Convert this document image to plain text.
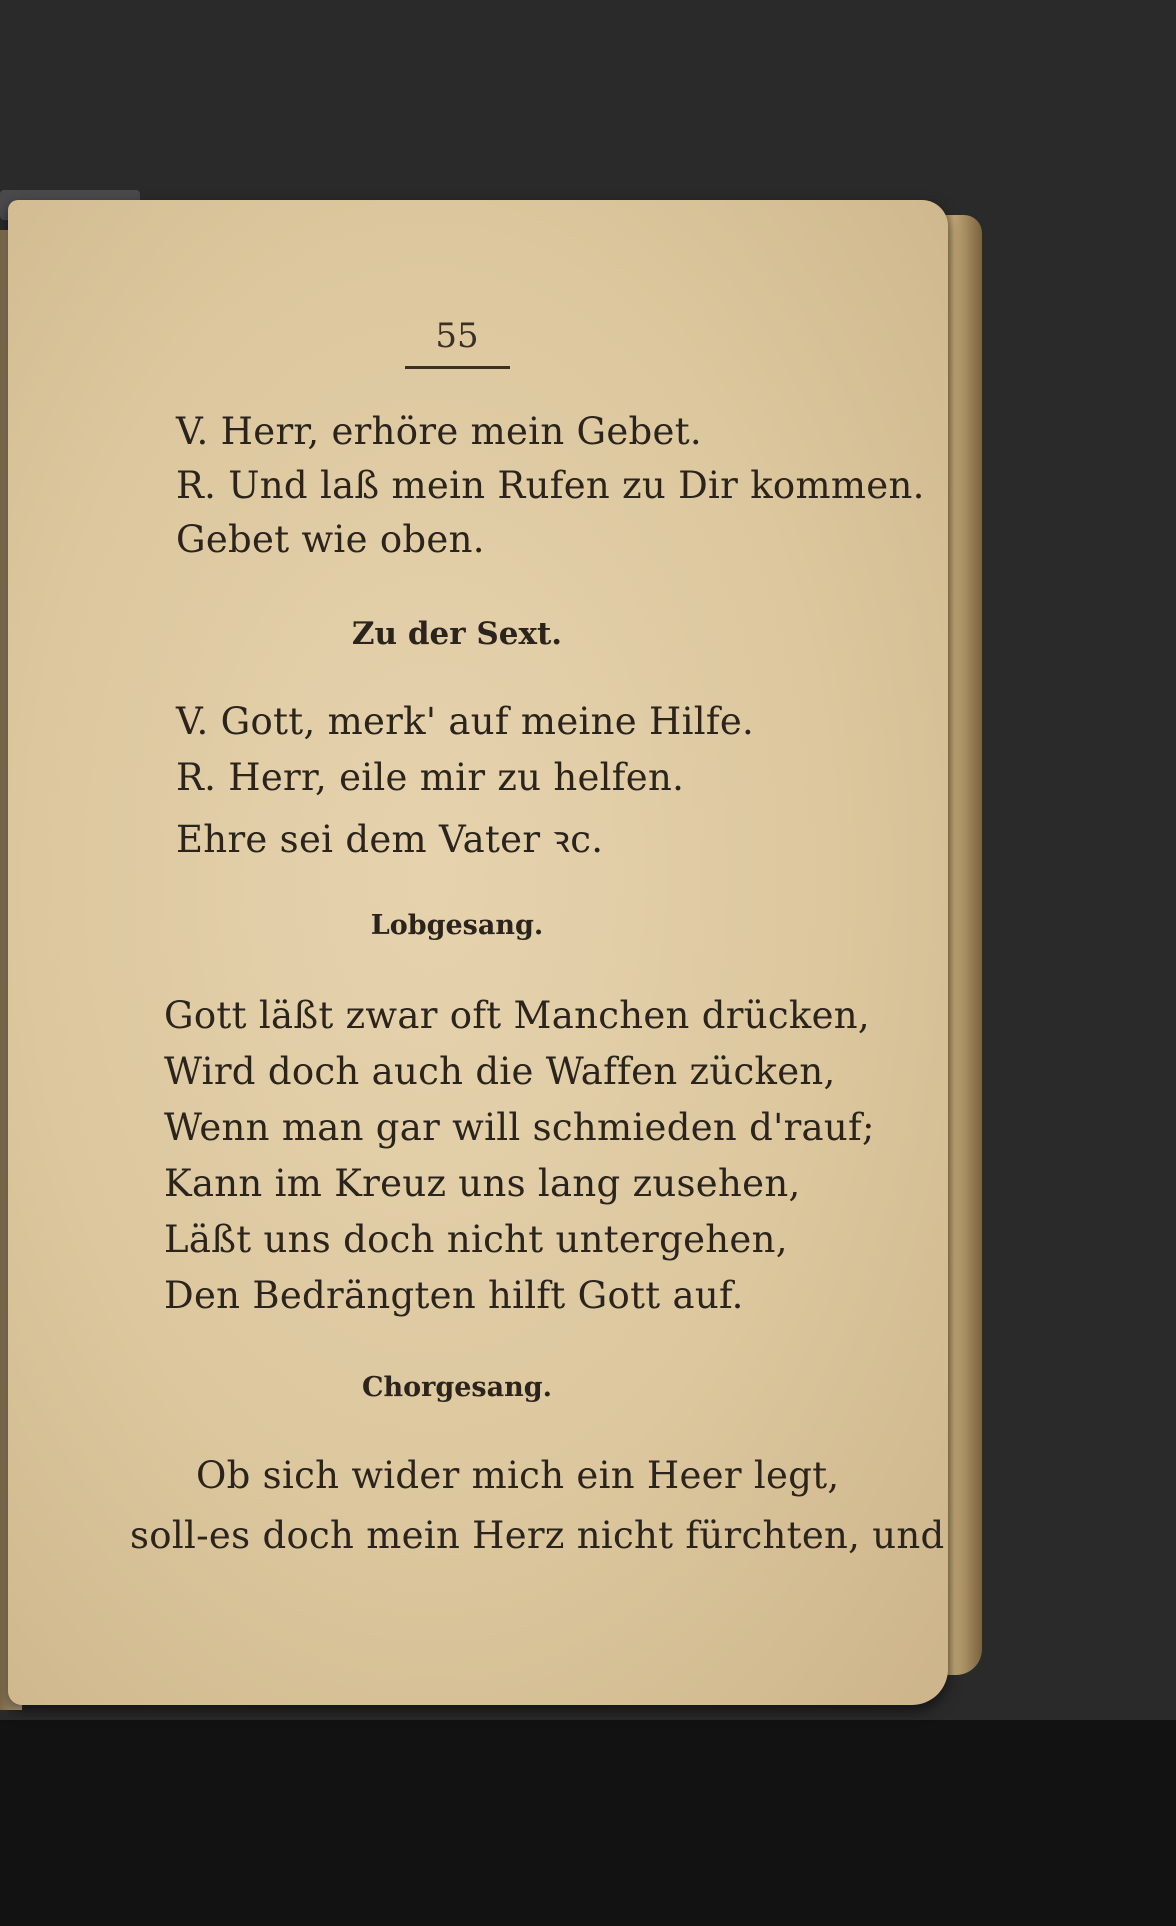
55
V. Herr, erhöre mein Gebet.
R. Und laß mein Rufen zu Dir kommen.
Gebet wie oben.
Zu der Sext.
V. Gott, merk' auf meine Hilfe.
R. Herr, eile mir zu helfen.
Ehre sei dem Vater ꝛc.
Lobgesang.
Gott läßt zwar oft Manchen drücken,
Wird doch auch die Waffen zücken,
Wenn man gar will schmieden d'rauf;
Kann im Kreuz uns lang zusehen,
Läßt uns doch nicht untergehen,
Den Bedrängten hilft Gott auf.
Chorgesang.
Ob sich wider mich ein Heer legt,
soll-es doch mein Herz nicht fürchten, und
